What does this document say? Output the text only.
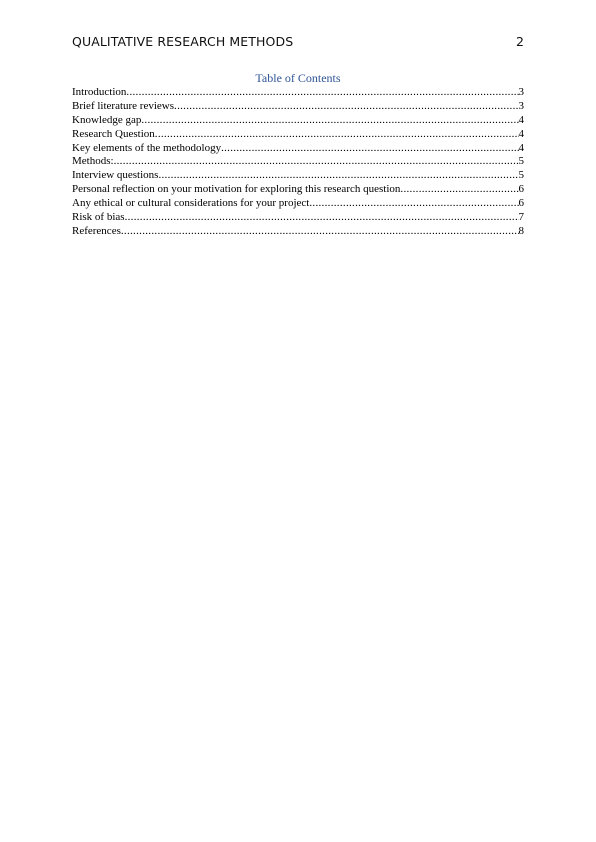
QUALITATIVE RESEARCH METHODS	2
Table of Contents
Introduction .....	3
Brief literature reviews .....	3
Knowledge gap .....	4
Research Question .....	4
Key elements of the methodology .....	4
Methods: .....	5
Interview questions .....	5
Personal reflection on your motivation for exploring this research question .....	6
Any ethical or cultural considerations for your project .....	6
Risk of bias .....	7
References .....	8
